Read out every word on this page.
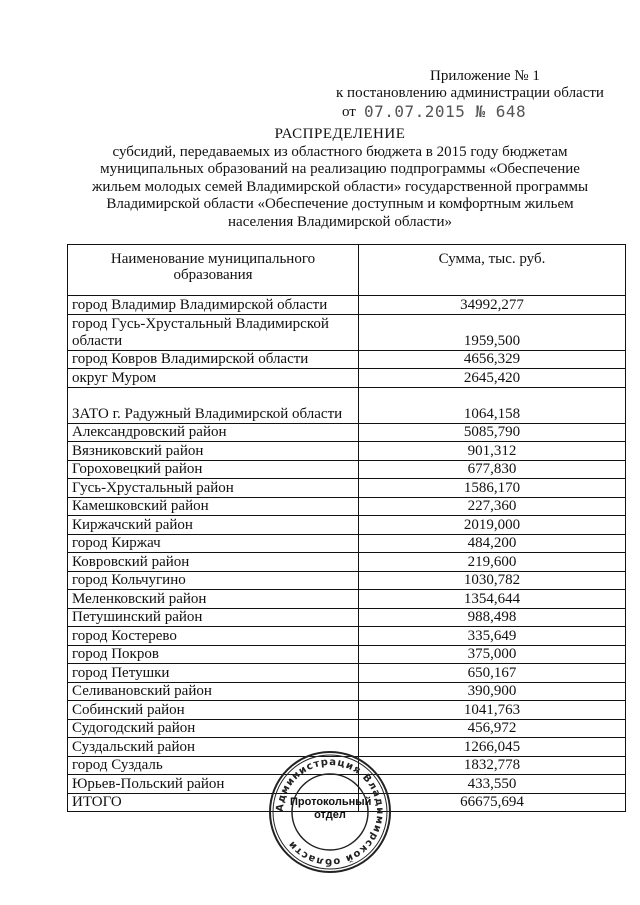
Приложение № 1
к постановлению администрации области
от 07.07.2015 № 648
РАСПРЕДЕЛЕНИЕ
субсидий, передаваемых из областного бюджета в 2015 году бюджетам
муниципальных образований на реализацию подпрограммы «Обеспечение
жильем молодых семей Владимирской области» государственной программы
Владимирской области «Обеспечение доступным и комфортным жильем
населения Владимирской области»
Наименование муниципального образования	Сумма, тыс. руб.
город Владимир Владимирской области	34992,277
город Гусь-Хрустальный Владимирской области	1959,500
город Ковров Владимирской области	4656,329
округ Муром	2645,420
ЗАТО г. Радужный Владимирской области	1064,158
Александровский район	5085,790
Вязниковский район	901,312
Гороховецкий район	677,830
Гусь-Хрустальный район	1586,170
Камешковский район	227,360
Киржачский район	2019,000
город Киржач	484,200
Ковровский район	219,600
город Кольчугино	1030,782
Меленковский район	1354,644
Петушинский район	988,498
город Костерево	335,649
город Покров	375,000
город Петушки	650,167
Селивановский район	390,900
Собинский район	1041,763
Судогодский район	456,972
Суздальский район	1266,045
город Суздаль	1832,778
Юрьев-Польский район	433,550
ИТОГО	66675,694
Администрация Владимирской области
Протокольный
отдел
